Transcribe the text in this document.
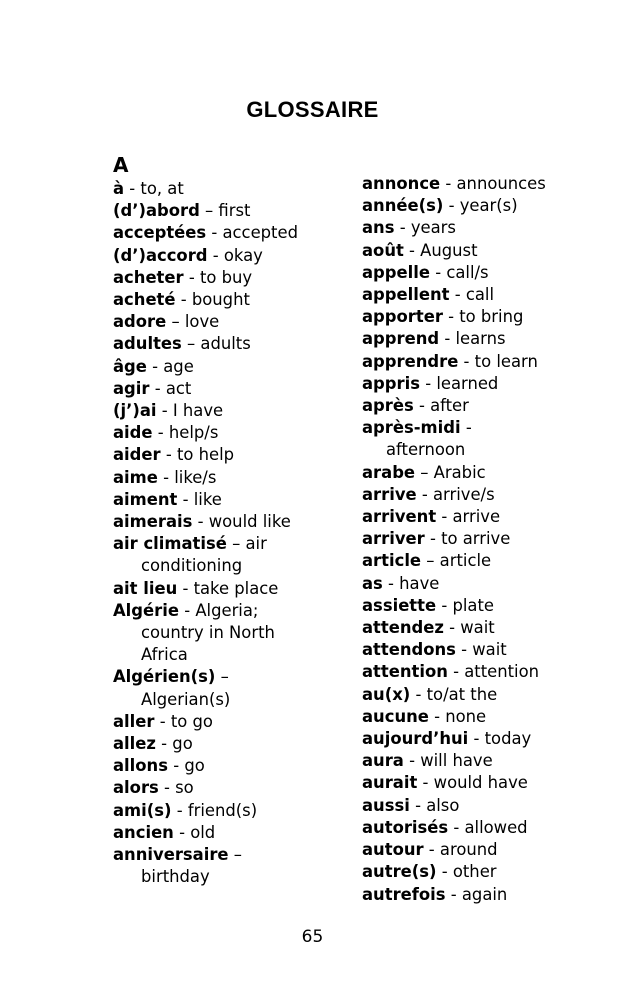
GLOSSAIRE
A
à - to, at
(d’)abord – first
acceptées - accepted
(d’)accord - okay
acheter - to buy
acheté - bought
adore – love
adultes – adults
âge - age
agir - act
(j’)ai - I have
aide - help/s
aider - to help
aime - like/s
aiment - like
aimerais - would like
air climatisé – air
conditioning
ait lieu - take place
Algérie - Algeria;
country in North
Africa
Algérien(s) –
Algerian(s)
aller - to go
allez - go
allons - go
alors - so
ami(s) - friend(s)
ancien - old
anniversaire –
birthday
annonce - announces
année(s) - year(s)
ans - years
août - August
appelle - call/s
appellent - call
apporter - to bring
apprend - learns
apprendre - to learn
appris - learned
après - after
après-midi -
afternoon
arabe – Arabic
arrive - arrive/s
arrivent - arrive
arriver - to arrive
article – article
as - have
assiette - plate
attendez - wait
attendons - wait
attention - attention
au(x) - to/at the
aucune - none
aujourd’hui - today
aura - will have
aurait - would have
aussi - also
autorisés - allowed
autour - around
autre(s) - other
autrefois - again
65
